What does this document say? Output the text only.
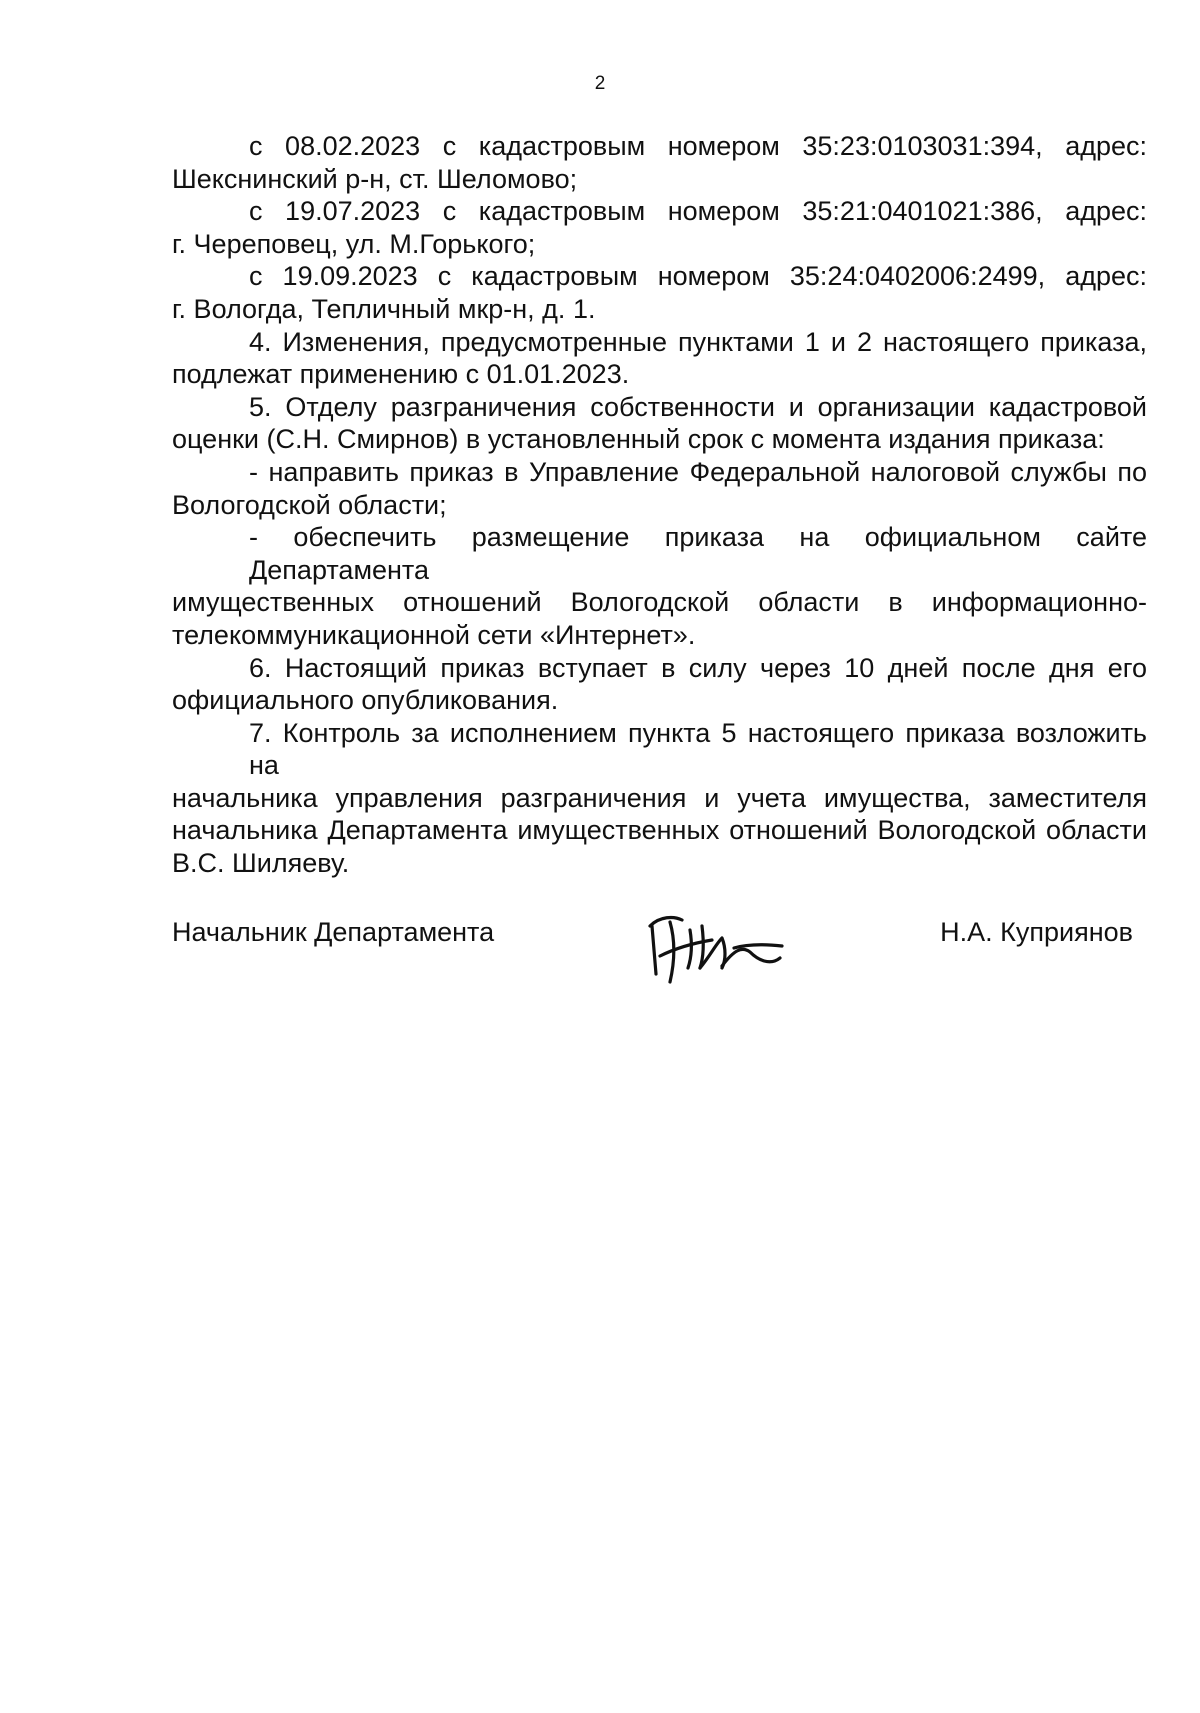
2
с 08.02.2023 с кадастровым номером 35:23:0103031:394, адрес:
Шекснинский р-н, ст. Шеломово;
с 19.07.2023 с кадастровым номером 35:21:0401021:386, адрес:
г. Череповец, ул. М.Горького;
с 19.09.2023 с кадастровым номером 35:24:0402006:2499, адрес:
г. Вологда, Тепличный мкр-н, д. 1.
4. Изменения, предусмотренные пунктами 1 и 2 настоящего приказа,
подлежат применению с 01.01.2023.
5. Отделу разграничения собственности и организации кадастровой
оценки (С.Н. Смирнов) в установленный срок с момента издания приказа:
- направить приказ в Управление Федеральной налоговой службы по
Вологодской области;
- обеспечить размещение приказа на официальном сайте Департамента
имущественных отношений Вологодской области в информационно-
телекоммуникационной сети «Интернет».
6. Настоящий приказ вступает в силу через 10 дней после дня его
официального опубликования.
7. Контроль за исполнением пункта 5 настоящего приказа возложить на
начальника управления разграничения и учета имущества, заместителя
начальника Департамента имущественных отношений Вологодской области
В.С. Шиляеву.
Начальник Департамента	Н.А. Куприянов
